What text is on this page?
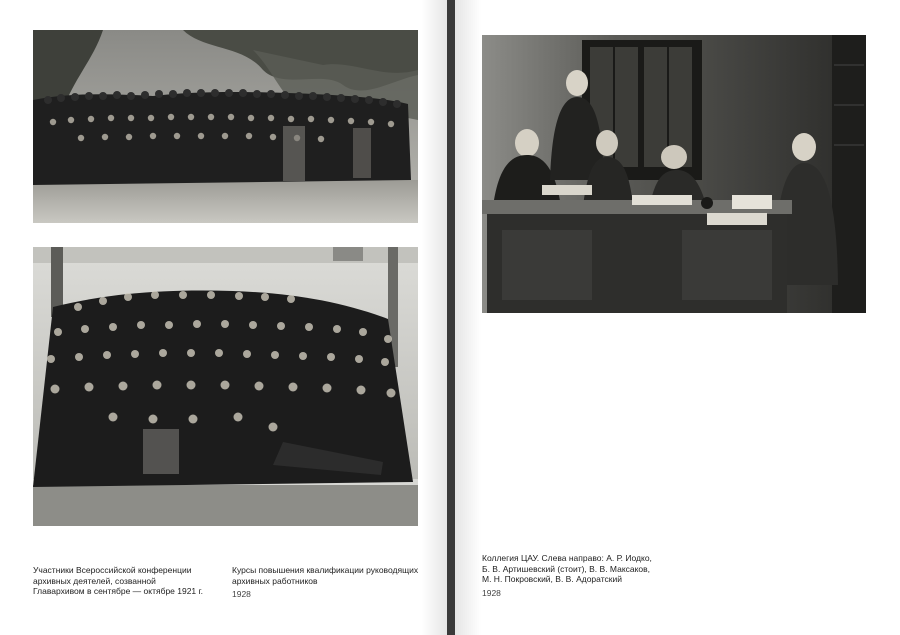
Участники Всероссийской конференции
архивных деятелей, созванной
Главархивом в сентябре — октябре 1921 г.
Курсы повышения квалификации руководящих
архивных работников
1928
Коллегия ЦАУ. Слева направо: А. Р. Иодко,
Б. В. Артишевский (стоит), В. В. Максаков,
М. Н. Покровский, В. В. Адоратский
1928
